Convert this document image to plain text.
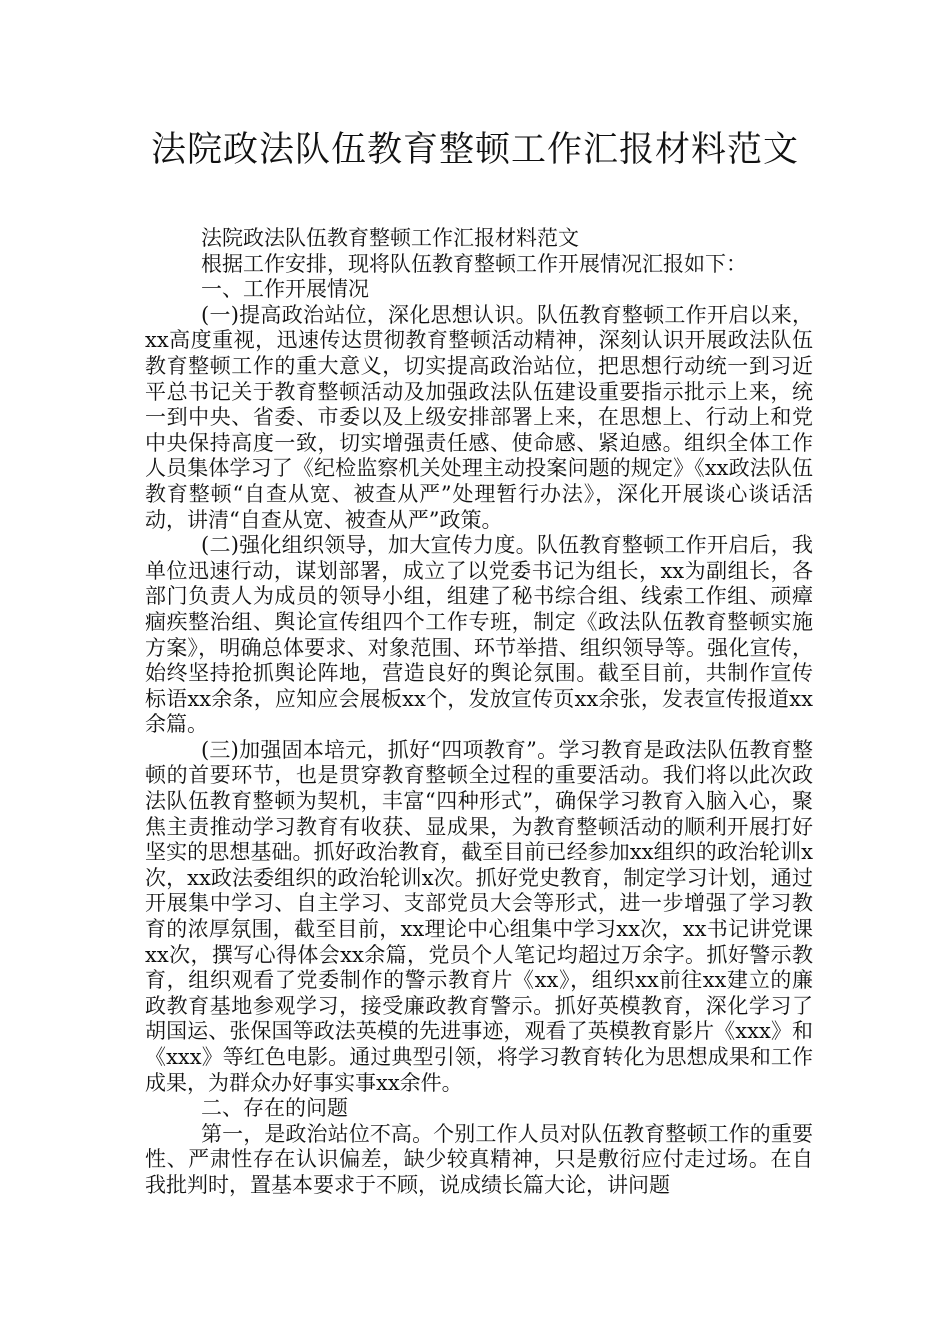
法院政法队伍教育整顿工作汇报材料范文

法院政法队伍教育整顿工作汇报材料范文

根据工作安排，现将队伍教育整顿工作开展情况汇报如下：

一、工作开展情况

(一)提高政治站位，深化思想认识。队伍教育整顿工作开启以来，xx高度重视，迅速传达贯彻教育整顿活动精神，深刻认识开展政法队伍教育整顿工作的重大意义，切实提高政治站位，把思想行动统一到习近平总书记关于教育整顿活动及加强政法队伍建设重要指示批示上来，统一到中央、省委、市委以及上级安排部署上来，在思想上、行动上和党中央保持高度一致，切实增强责任感、使命感、紧迫感。组织全体工作人员集体学习了《纪检监察机关处理主动投案问题的规定》《xx政法队伍教育整顿“自查从宽、被查从严”处理暂行办法》，深化开展谈心谈话活动，讲清“自查从宽、被查从严”政策。

(二)强化组织领导，加大宣传力度。队伍教育整顿工作开启后，我单位迅速行动，谋划部署，成立了以党委书记为组长，xx为副组长，各部门负责人为成员的领导小组，组建了秘书综合组、线索工作组、顽瘴痼疾整治组、舆论宣传组四个工作专班，制定《政法队伍教育整顿实施方案》，明确总体要求、对象范围、环节举措、组织领导等。强化宣传，始终坚持抢抓舆论阵地，营造良好的舆论氛围。截至目前，共制作宣传标语xx余条，应知应会展板xx个，发放宣传页xx余张，发表宣传报道xx余篇。

(三)加强固本培元，抓好“四项教育”。学习教育是政法队伍教育整顿的首要环节，也是贯穿教育整顿全过程的重要活动。我们将以此次政法队伍教育整顿为契机，丰富“四种形式”，确保学习教育入脑入心，聚焦主责推动学习教育有收获、显成果，为教育整顿活动的顺利开展打好坚实的思想基础。抓好政治教育，截至目前已经参加xx组织的政治轮训x次，xx政法委组织的政治轮训x次。抓好党史教育，制定学习计划，通过开展集中学习、自主学习、支部党员大会等形式，进一步增强了学习教育的浓厚氛围，截至目前，xx理论中心组集中学习xx次，xx书记讲党课xx次，撰写心得体会xx余篇，党员个人笔记均超过万余字。抓好警示教育，组织观看了党委制作的警示教育片《xx》，组织xx前往xx建立的廉政教育基地参观学习，接受廉政教育警示。抓好英模教育，深化学习了胡国运、张保国等政法英模的先进事迹，观看了英模教育影片《xxx》和《xxx》等红色电影。通过典型引领，将学习教育转化为思想成果和工作成果，为群众办好事实事xx余件。

二、存在的问题

第一，是政治站位不高。个别工作人员对队伍教育整顿工作的重要性、严肃性存在认识偏差，缺少较真精神，只是敷衍应付走过场。在自我批判时，置基本要求于不顾，说成绩长篇大论，讲问题
